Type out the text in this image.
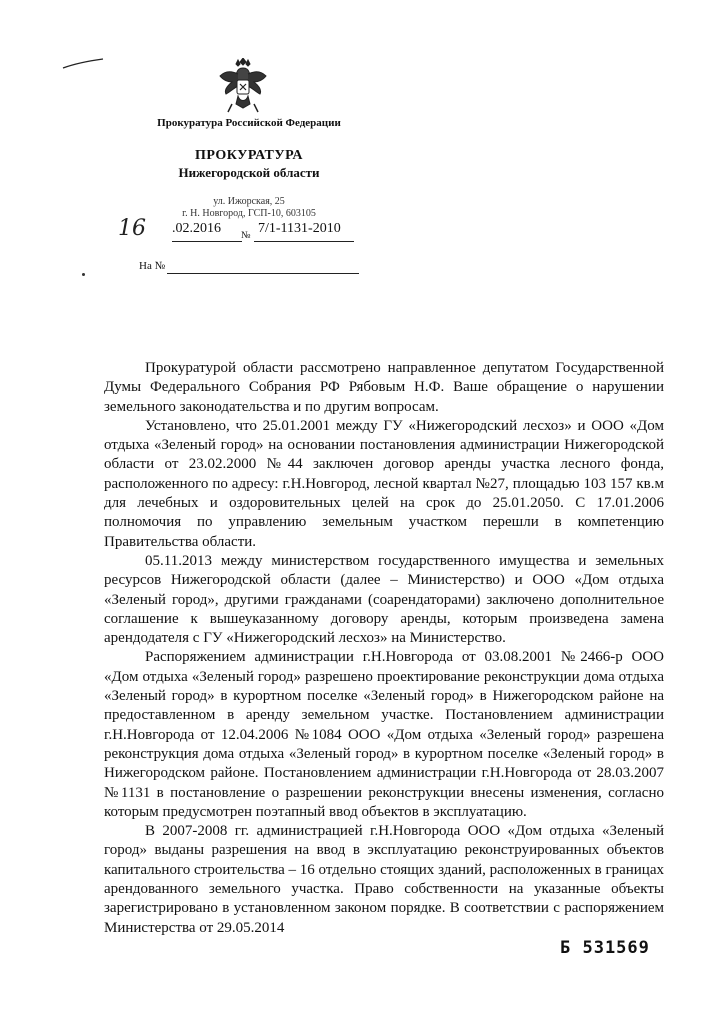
Прокуратура Российской Федерации
ПРОКУРАТУРА
Нижегородской области
ул. Ижорская, 25
г. Н. Новгород, ГСП-10, 603105
16 .02.2016 № 7/1-1131-2010
На №

Прокуратурой области рассмотрено направленное депутатом Государственной Думы Федерального Собрания РФ Рябовым Н.Ф. Ваше обращение о нарушении земельного законодательства и по другим вопросам.

Установлено, что 25.01.2001 между ГУ «Нижегородский лесхоз» и ООО «Дом отдыха «Зеленый город» на основании постановления администрации Нижегородской области от 23.02.2000 №44 заключен договор аренды участка лесного фонда, расположенного по адресу: г.Н.Новгород, лесной квартал №27, площадью 103 157 кв.м для лечебных и оздоровительных целей на срок до 25.01.2050. С 17.01.2006 полномочия по управлению земельным участком перешли в компетенцию Правительства области.

05.11.2013 между министерством государственного имущества и земельных ресурсов Нижегородской области (далее – Министерство) и ООО «Дом отдыха «Зеленый город», другими гражданами (соарендаторами) заключено дополнительное соглашение к вышеуказанному договору аренды, которым произведена замена арендодателя с ГУ «Нижегородский лесхоз» на Министерство.

Распоряжением администрации г.Н.Новгорода от 03.08.2001 №2466-р ООО «Дом отдыха «Зеленый город» разрешено проектирование реконструкции дома отдыха «Зеленый город» в курортном поселке «Зеленый город» в Нижегородском районе на предоставленном в аренду земельном участке. Постановлением администрации г.Н.Новгорода от 12.04.2006 №1084 ООО «Дом отдыха «Зеленый город» разрешена реконструкция дома отдыха «Зеленый город» в курортном поселке «Зеленый город» в Нижегородском районе. Постановлением администрации г.Н.Новгорода от 28.03.2007 №1131 в постановление о разрешении реконструкции внесены изменения, согласно которым предусмотрен поэтапный ввод объектов в эксплуатацию.

В 2007-2008 гг. администрацией г.Н.Новгорода ООО «Дом отдыха «Зеленый город» выданы разрешения на ввод в эксплуатацию реконструированных объектов капитального строительства – 16 отдельно стоящих зданий, расположенных в границах арендованного земельного участка. Право собственности на указанные объекты зарегистрировано в установленном законом порядке. В соответствии с распоряжением Министерства от 29.05.2014

Б 531569
